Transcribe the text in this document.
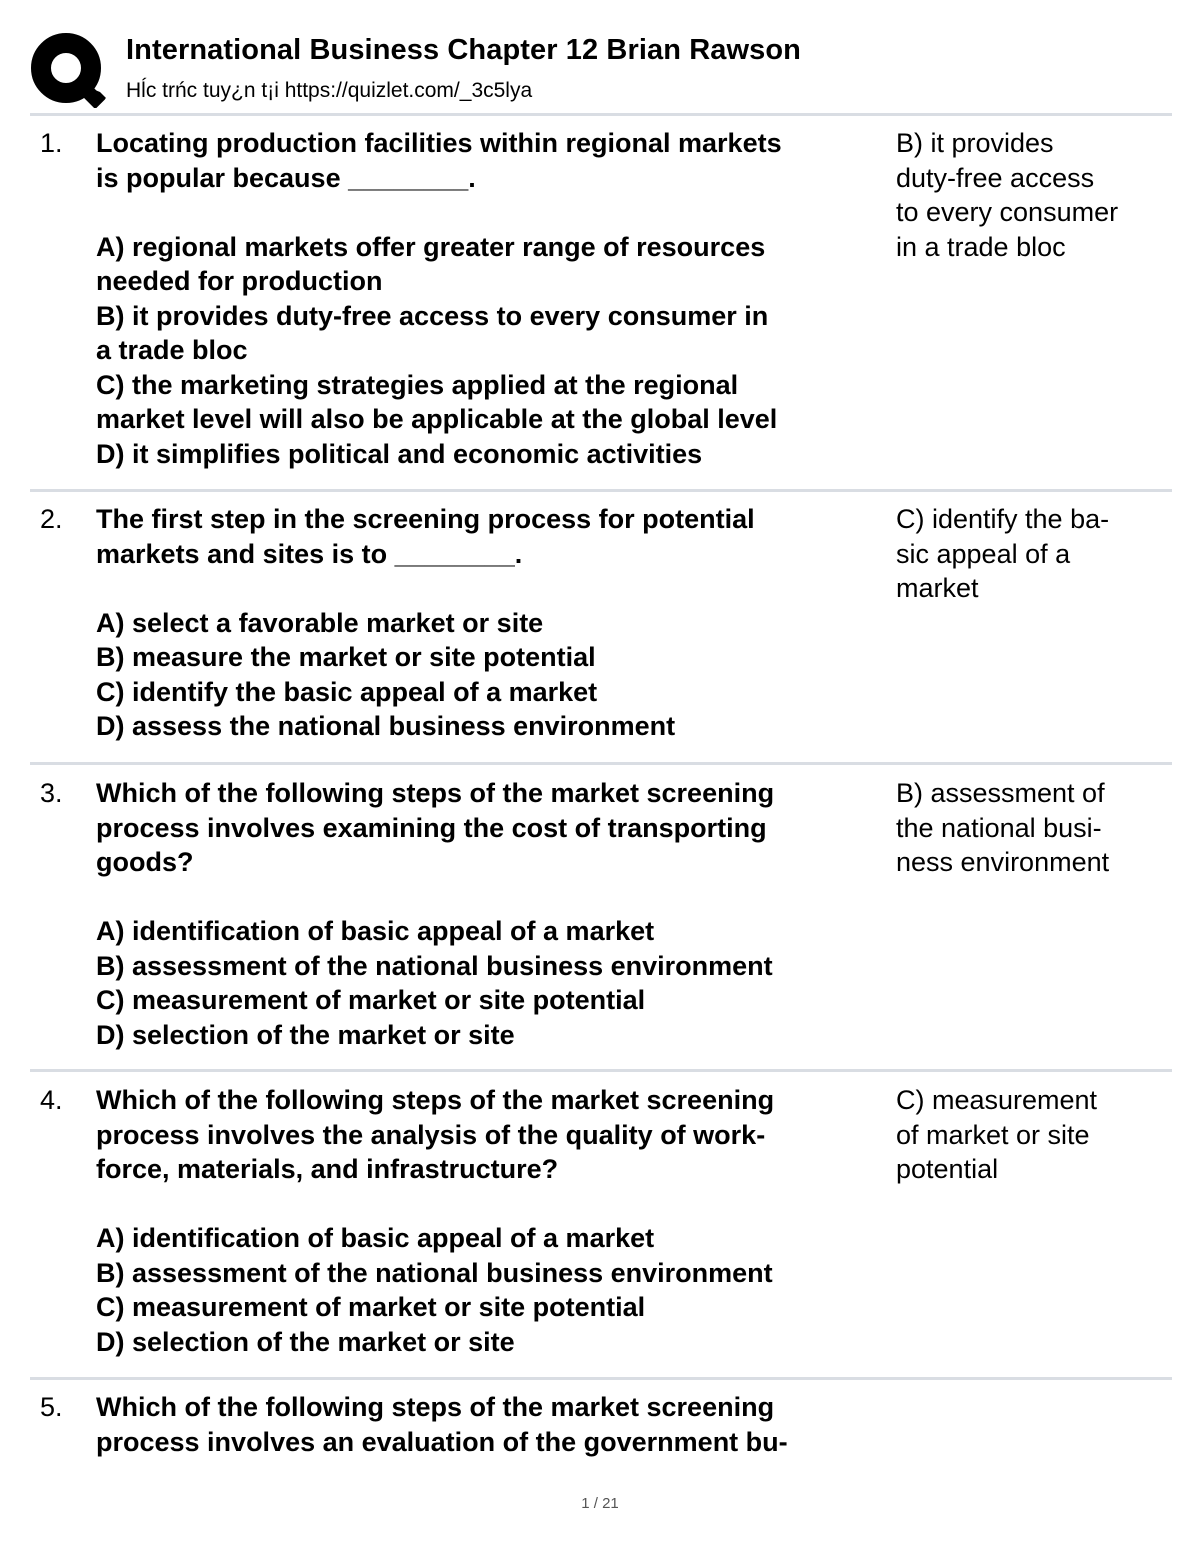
International Business Chapter 12 Brian Rawson
Hĺc trńc tuy¿n t¡i https://quizlet.com/_3c5lya
1. Locating production facilities within regional markets

is popular because ________.

A) regional markets offer greater range of resources

needed for production

B) it provides duty-free access to every consumer in

a trade bloc

C) the marketing strategies applied at the regional

market level will also be applicable at the global level

D) it simplifies political and economic activities

B) it provides

duty-free access

to every consumer

in a trade bloc

2. The first step in the screening process for potential

markets and sites is to ________.

A) select a favorable market or site

B) measure the market or site potential

C) identify the basic appeal of a market

D) assess the national business environment

C) identify the ba-

sic appeal of a

market

3. Which of the following steps of the market screening

process involves examining the cost of transporting

goods?

A) identification of basic appeal of a market

B) assessment of the national business environment

C) measurement of market or site potential

D) selection of the market or site

B) assessment of

the national busi-

ness environment

4. Which of the following steps of the market screening

process involves the analysis of the quality of work-

force, materials, and infrastructure?

A) identification of basic appeal of a market

B) assessment of the national business environment

C) measurement of market or site potential

D) selection of the market or site

C) measurement

of market or site

potential

5. Which of the following steps of the market screening

process involves an evaluation of the government bu-

1 / 21
